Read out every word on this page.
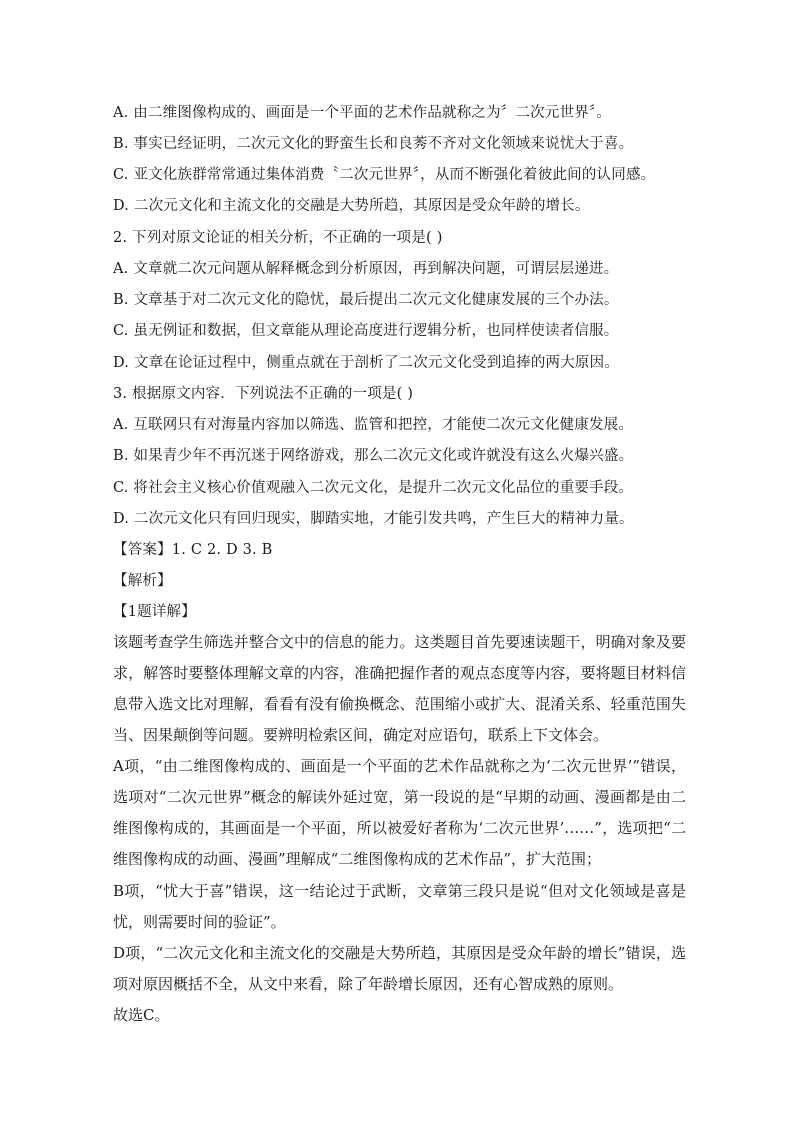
A. 由二维图像构成的、画面是一个平面的艺术作品就称之为〞二次元世界〞。
B. 事实已经证明，二次元文化的野蛮生长和良莠不齐对文化领域来说忧大于喜。
C. 亚文化族群常常通过集体消费〝二次元世界〞，从而不断强化着彼此间的认同感。
D. 二次元文化和主流文化的交融是大势所趋，其原因是受众年龄的增长。
2. 下列对原文论证的相关分析，不正确的一项是( )
A. 文章就二次元问题从解释概念到分析原因，再到解决问题，可谓层层递进。
B. 文章基于对二次元文化的隐忧，最后提出二次元文化健康发展的三个办法。
C. 虽无例证和数据，但文章能从理论高度进行逻辑分析，也同样使读者信服。
D. 文章在论证过程中，侧重点就在于剖析了二次元文化受到追捧的两大原因。
3. 根据原文内容．下列说法不正确的一项是( )
A. 互联网只有对海量内容加以筛选、监管和把控，才能使二次元文化健康发展。
B. 如果青少年不再沉迷于网络游戏，那么二次元文化或许就没有这么火爆兴盛。
C. 将社会主义核心价值观融入二次元文化，是提升二次元文化品位的重要手段。
D. 二次元文化只有回归现实，脚踏实地，才能引发共鸣，产生巨大的精神力量。
【答案】1. C 2. D 3. B
【解析】
【1题详解】
该题考查学生筛选并整合文中的信息的能力。这类题目首先要速读题干，明确对象及要求，解答时要整体理解文章的内容，准确把握作者的观点态度等内容，要将题目材料信息带入选文比对理解，看看有没有偷换概念、范围缩小或扩大、混淆关系、轻重范围失当、因果颠倒等问题。要辨明检索区间，确定对应语句，联系上下文体会。
A项，“由二维图像构成的、画面是一个平面的艺术作品就称之为‘二次元世界’”错误，选项对“二次元世界”概念的解读外延过宽，第一段说的是“早期的动画、漫画都是由二维图像构成的，其画面是一个平面，所以被爱好者称为‘二次元世界’……”，选项把“二维图像构成的动画、漫画”理解成“二维图像构成的艺术作品”，扩大范围；
B项，“忧大于喜”错误，这一结论过于武断，文章第三段只是说“但对文化领域是喜是忧，则需要时间的验证”。
D项，“二次元文化和主流文化的交融是大势所趋，其原因是受众年龄的增长”错误，选项对原因概括不全，从文中来看，除了年龄增长原因，还有心智成熟的原则。
故选C。
